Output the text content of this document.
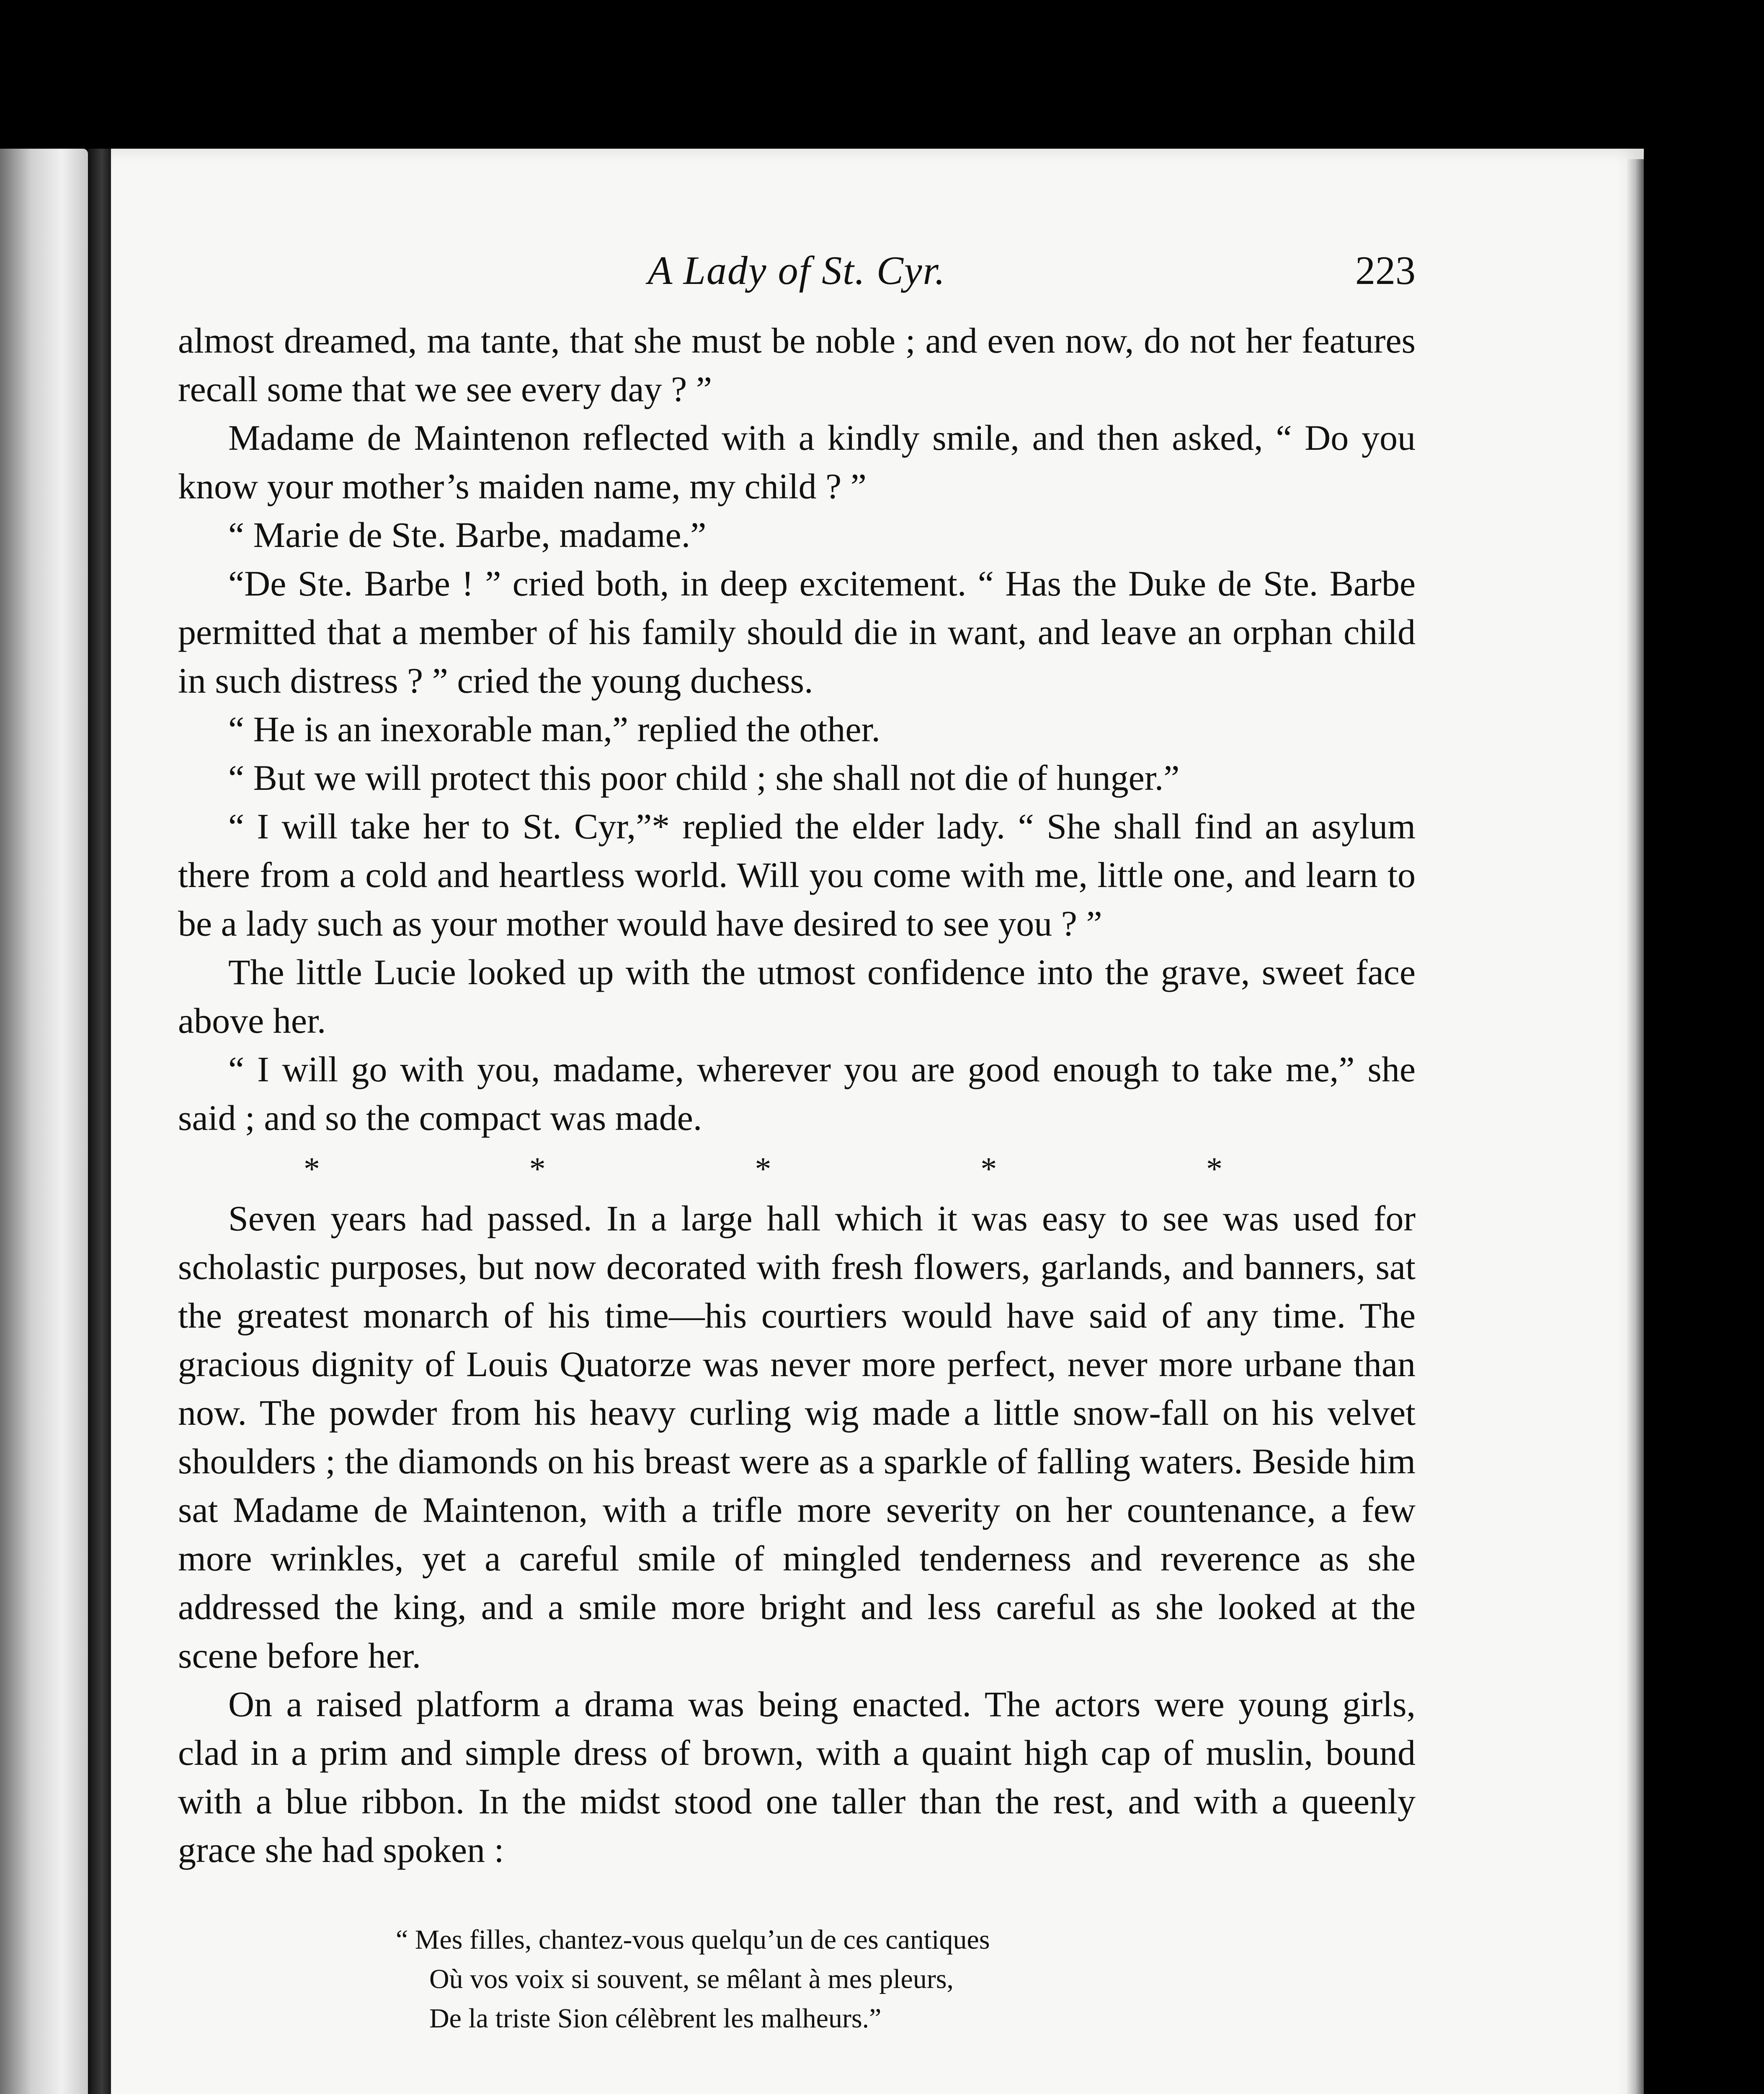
A Lady of St. Cyr.	223

almost dreamed, ma tante, that she must be noble ; and even now, do not her features recall some that we see every day ? ”

Madame de Maintenon reflected with a kindly smile, and then asked, “ Do you know your mother’s maiden name, my child ? ”

“ Marie de Ste. Barbe, madame.”

“De Ste. Barbe ! ” cried both, in deep excitement. “ Has the Duke de Ste. Barbe permitted that a member of his family should die in want, and leave an orphan child in such distress ? ” cried the young duchess.

“ He is an inexorable man,” replied the other.

“ But we will protect this poor child ; she shall not die of hunger.”

“ I will take her to St. Cyr,”* replied the elder lady. “ She shall find an asylum there from a cold and heartless world. Will you come with me, little one, and learn to be a lady such as your mother would have desired to see you ? ”

The little Lucie looked up with the utmost confidence into the grave, sweet face above her.

“ I will go with you, madame, wherever you are good enough to take me,” she said ; and so the compact was made.

*	*	*	*	*

Seven years had passed. In a large hall which it was easy to see was used for scholastic purposes, but now decorated with fresh flowers, garlands, and banners, sat the greatest monarch of his time—his courtiers would have said of any time. The gracious dignity of Louis Quatorze was never more perfect, never more urbane than now. The powder from his heavy curling wig made a little snow-fall on his velvet shoulders ; the diamonds on his breast were as a sparkle of falling waters. Beside him sat Madame de Maintenon, with a trifle more severity on her countenance, a few more wrinkles, yet a careful smile of mingled tenderness and reverence as she addressed the king, and a smile more bright and less careful as she looked at the scene before her.

On a raised platform a drama was being enacted. The actors were young girls, clad in a prim and simple dress of brown, with a quaint high cap of muslin, bound with a blue ribbon. In the midst stood one taller than the rest, and with a queenly grace she had spoken :

“ Mes filles, chantez-vous quelqu’un de ces cantiques
Où vos voix si souvent, se mêlant à mes pleurs,
De la triste Sion célèbrent les malheurs.”
